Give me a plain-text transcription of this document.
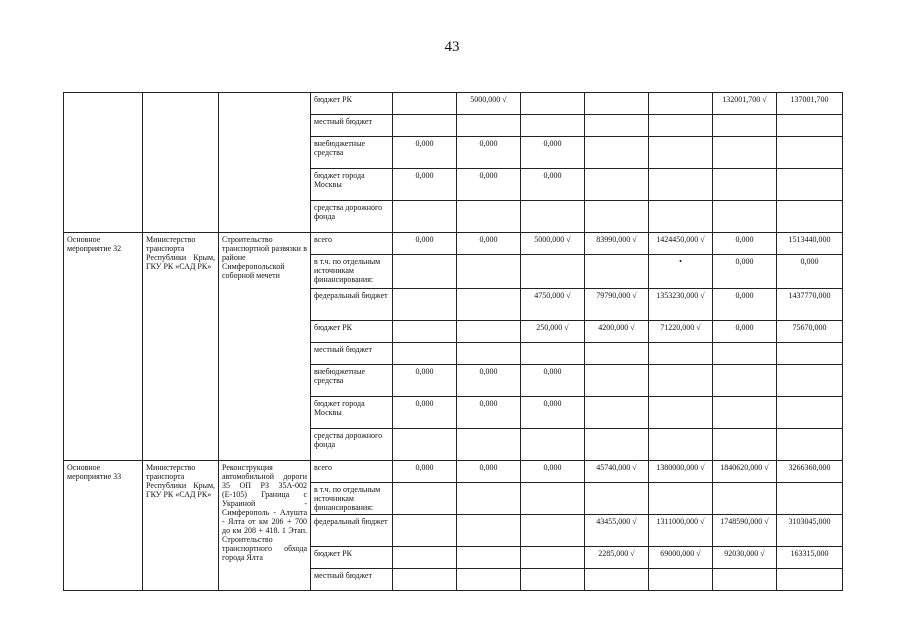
43
			бюджет РК		5000,000 √				132001,700 √	137001,700
			местный бюджет							
			внебюджетные средства	0,000	0,000	0,000				
			бюджет города Москвы	0,000	0,000	0,000				
			средства дорожного фонда							
Основное мероприятие 32	Министерство транспорта Республики Крым, ГКУ РК «САД РК»	Строительство транспортной развязки в районе Симферопольской соборной мечети	всего	0,000	0,000	5000,000 √	83990,000 √	1424450,000 √	0,000	1513440,000
			в т.ч. по отдельным источникам финансирования:					•	0,000	0,000
			федеральный бюджет			4750,000 √	79790,000 √	1353230,000 √	0,000	1437770,000
			бюджет РК			250,000 √	4200,000 √	71220,000 √	0,000	75670,000
			местный бюджет							
			внебюджетные средства	0,000	0,000	0,000				
			бюджет города Москвы	0,000	0,000	0,000				
			средства дорожного фонда							
Основное мероприятие 33	Министерство транспорта Республики Крым, ГКУ РК «САД РК»	Реконструкция автомобильной дороги 35 ОП РЗ 35А-002 (Е-105) Граница с Украиной - Симферополь - Алушта - Ялта от км 206 + 700 до км 208 + 418. 1 Этап. Строительство транспортного обхода города Ялта	всего	0,000	0,000	0,000	45740,000 √	1380000,000 √	1840620,000 √	3266360,000
			в т.ч. по отдельным источникам финансирования:							
			федеральный бюджет				43455,000 √	1311000,000 √	1748590,000 √	3103045,000
			бюджет РК				2285,000 √	69000,000 √	92030,000 √	163315,000
			местный бюджет							
